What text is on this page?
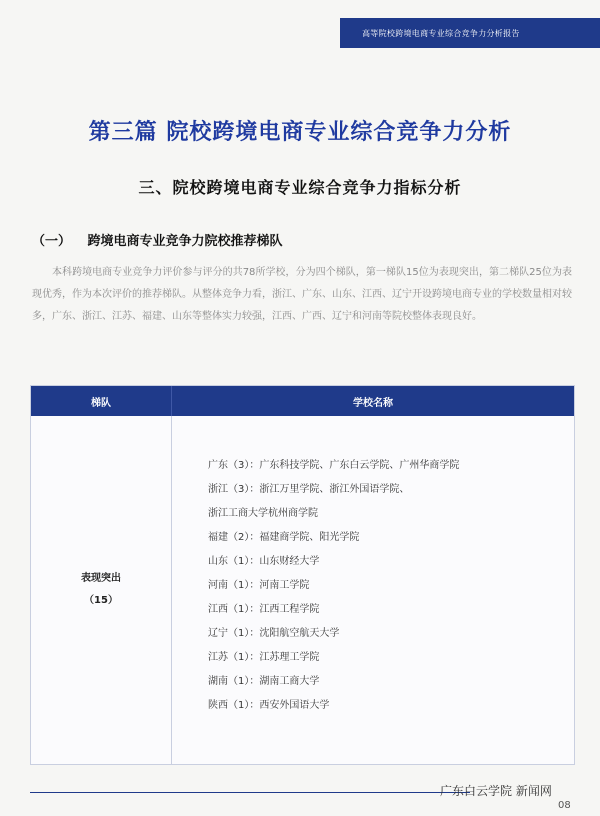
高等院校跨境电商专业综合竞争力分析报告
第三篇 院校跨境电商专业综合竞争力分析
三、院校跨境电商专业综合竞争力指标分析
（一） 跨境电商专业竞争力院校推荐梯队
本科跨境电商专业竞争力评价参与评分的共78所学校，分为四个梯队，第一梯队15位为表现突出，第二梯队25位为表现优秀，作为本次评价的推荐梯队。从整体竞争力看，浙江、广东、山东、江西、辽宁开设跨境电商专业的学校数量相对较多，广东、浙江、江苏、福建、山东等整体实力较强，江西、广西、辽宁和河南等院校整体表现良好。
梯队	学校名称
表现突出
（15）
广东（3）： 广东科技学院、广东白云学院、广州华商学院
浙江（3）： 浙江万里学院、浙江外国语学院、
浙江工商大学杭州商学院
福建（2）： 福建商学院、阳光学院
山东（1）： 山东财经大学
河南（1）： 河南工学院
江西（1）： 江西工程学院
辽宁（1）： 沈阳航空航天大学
江苏（1）： 江苏理工学院
湖南（1）： 湖南工商大学
陕西（1）： 西安外国语大学
广东白云学院 新闻网
08
